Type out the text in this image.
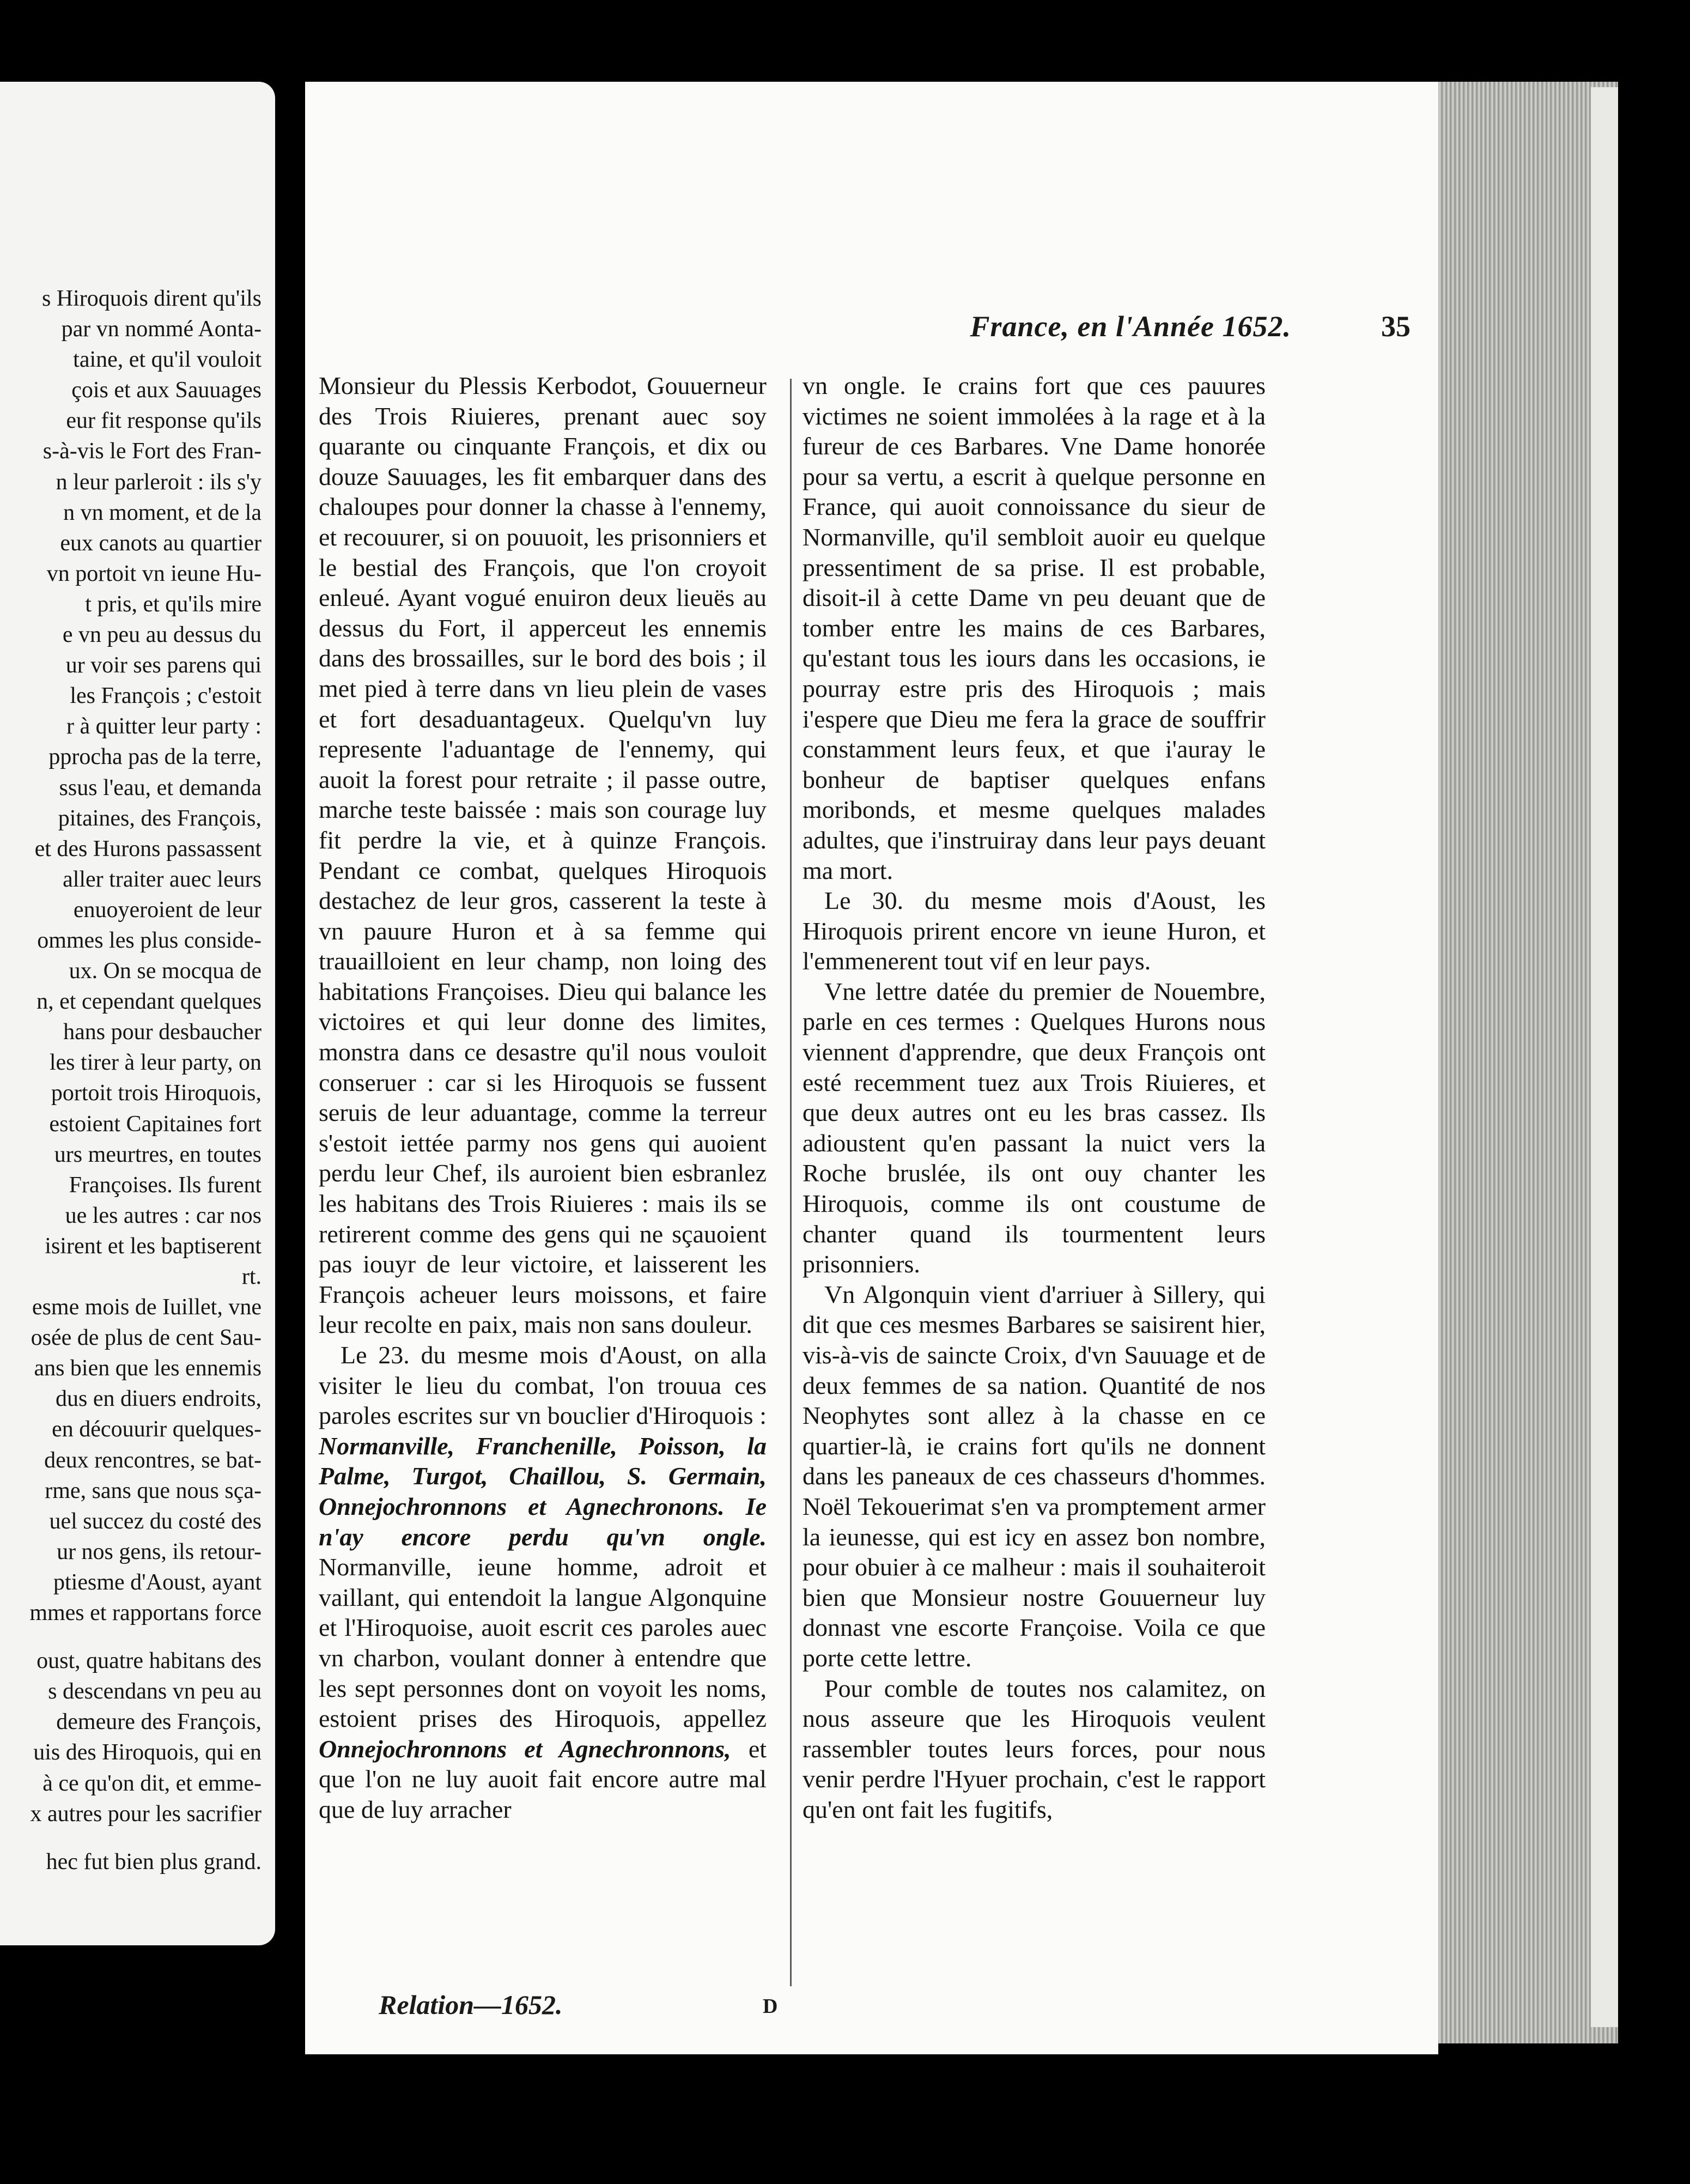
s Hiroquois dirent qu'ils
par vn nommé Aonta-
taine, et qu'il vouloit
çois et aux Sauuages
eur fit response qu'ils
s-à-vis le Fort des Fran-
n leur parleroit : ils s'y
n vn moment, et de la
eux canots au quartier
vn portoit vn ieune Hu-
t pris, et qu'ils mire
e vn peu au dessus du
ur voir ses parens qui
les François ; c'estoit
r à quitter leur party :
pprocha pas de la terre,
ssus l'eau, et demanda
pitaines, des François,
et des Hurons passassent
aller traiter auec leurs
enuoyeroient de leur
ommes les plus conside-
ux. On se mocqua de
n, et cependant quelques
hans pour desbaucher
les tirer à leur party, on
portoit trois Hiroquois,
estoient Capitaines fort
urs meurtres, en toutes
Françoises. Ils furent
ue les autres : car nos
isirent et les baptiserent
rt.
esme mois de Iuillet, vne
osée de plus de cent Sau-
ans bien que les ennemis
dus en diuers endroits,
en découurir quelques-
deux rencontres, se bat-
rme, sans que nous sça-
uel succez du costé des
ur nos gens, ils retour-
ptiesme d'Aoust, ayant
mmes et rapportans force
oust, quatre habitans des
s descendans vn peu au
demeure des François,
uis des Hiroquois, qui en
à ce qu'on dit, et emme-
x autres pour les sacrifier
hec fut bien plus grand.
France, en l'Année 1652.	35

Monsieur du Plessis Kerbodot, Gouuerneur des Trois Riuieres, prenant auec soy quarante ou cinquante François, et dix ou douze Sauuages, les fit embarquer dans des chaloupes pour donner la chasse à l'ennemy, et recouurer, si on pouuoit, les prisonniers et le bestial des François, que l'on croyoit enleué. Ayant vogué enuiron deux lieuës au dessus du Fort, il apperceut les ennemis dans des brossailles, sur le bord des bois ; il met pied à terre dans vn lieu plein de vases et fort desaduantageux. Quelqu'vn luy represente l'aduantage de l'ennemy, qui auoit la forest pour retraite ; il passe outre, marche teste baissée : mais son courage luy fit perdre la vie, et à quinze François. Pendant ce combat, quelques Hiroquois destachez de leur gros, casserent la teste à vn pauure Huron et à sa femme qui trauailloient en leur champ, non loing des habitations Françoises. Dieu qui balance les victoires et qui leur donne des limites, monstra dans ce desastre qu'il nous vouloit conseruer : car si les Hiroquois se fussent seruis de leur aduantage, comme la terreur s'estoit iettée parmy nos gens qui auoient perdu leur Chef, ils auroient bien esbranlez les habitans des Trois Riuieres : mais ils se retirerent comme des gens qui ne sçauoient pas iouyr de leur victoire, et laisserent les François acheuer leurs moissons, et faire leur recolte en paix, mais non sans douleur.

Le 23. du mesme mois d'Aoust, on alla visiter le lieu du combat, l'on trouua ces paroles escrites sur vn bouclier d'Hiroquois : Normanville, Franchenille, Poisson, la Palme, Turgot, Chaillou, S. Germain, Onnejochronnons et Agnechronons. Ie n'ay encore perdu qu'vn ongle. Normanville, ieune homme, adroit et vaillant, qui entendoit la langue Algonquine et l'Hiroquoise, auoit escrit ces paroles auec vn charbon, voulant donner à entendre que les sept personnes dont on voyoit les noms, estoient prises des Hiroquois, appellez Onnejochronnons et Agnechronnons, et que l'on ne luy auoit fait encore autre mal que de luy arracher

vn ongle. Ie crains fort que ces pauures victimes ne soient immolées à la rage et à la fureur de ces Barbares. Vne Dame honorée pour sa vertu, a escrit à quelque personne en France, qui auoit connoissance du sieur de Normanville, qu'il sembloit auoir eu quelque pressentiment de sa prise. Il est probable, disoit-il à cette Dame vn peu deuant que de tomber entre les mains de ces Barbares, qu'estant tous les iours dans les occasions, ie pourray estre pris des Hiroquois ; mais i'espere que Dieu me fera la grace de souffrir constamment leurs feux, et que i'auray le bonheur de baptiser quelques enfans moribonds, et mesme quelques malades adultes, que i'instruiray dans leur pays deuant ma mort.

Le 30. du mesme mois d'Aoust, les Hiroquois prirent encore vn ieune Huron, et l'emmenerent tout vif en leur pays.

Vne lettre datée du premier de Nouembre, parle en ces termes : Quelques Hurons nous viennent d'apprendre, que deux François ont esté recemment tuez aux Trois Riuieres, et que deux autres ont eu les bras cassez. Ils adioustent qu'en passant la nuict vers la Roche bruslée, ils ont ouy chanter les Hiroquois, comme ils ont coustume de chanter quand ils tourmentent leurs prisonniers.

Vn Algonquin vient d'arriuer à Sillery, qui dit que ces mesmes Barbares se saisirent hier, vis-à-vis de saincte Croix, d'vn Sauuage et de deux femmes de sa nation. Quantité de nos Neophytes sont allez à la chasse en ce quartier-là, ie crains fort qu'ils ne donnent dans les paneaux de ces chasseurs d'hommes. Noël Tekouerimat s'en va promptement armer la ieunesse, qui est icy en assez bon nombre, pour obuier à ce malheur : mais il souhaiteroit bien que Monsieur nostre Gouuerneur luy donnast vne escorte Françoise. Voila ce que porte cette lettre.

Pour comble de toutes nos calamitez, on nous asseure que les Hiroquois veulent rassembler toutes leurs forces, pour nous venir perdre l'Hyuer prochain, c'est le rapport qu'en ont fait les fugitifs,

Relation—1652.	D
